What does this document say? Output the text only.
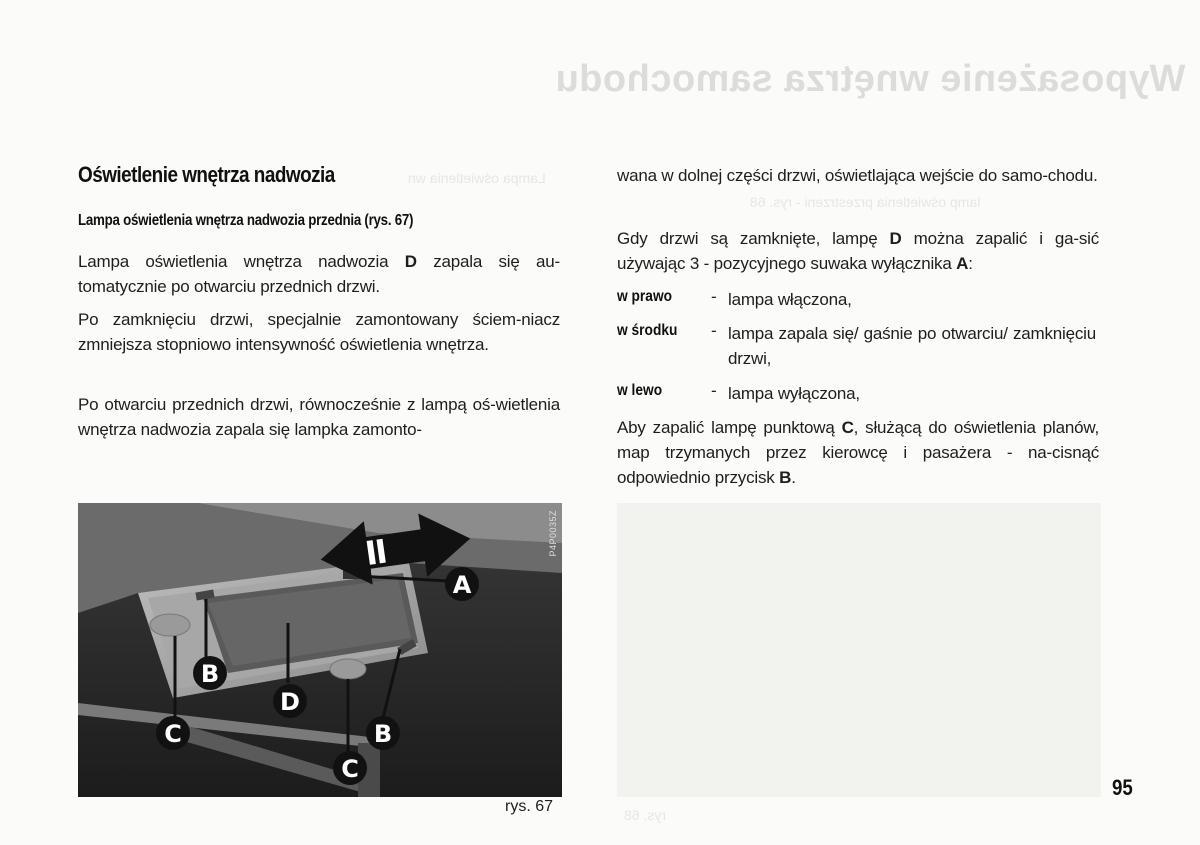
Wyposażenie wnętrza samochodu
Lampa oświetlenia wn
lamp oświetlenia przestrzeni - rys. 68
rys. 68
Oświetlenie wnętrza nadwozia
Lampa oświetlenia wnętrza nadwozia przednia (rys. 67)

Lampa oświetlenia wnętrza nadwozia D zapala się au-tomatycznie po otwarciu przednich drzwi.

Po zamknięciu drzwi, specjalnie zamontowany ściem-niacz zmniejsza stopniowo intensywność oświetlenia wnętrza.

Po otwarciu przednich drzwi, równocześnie z lampą oś-wietlenia wnętrza nadwozia zapala się lampka zamonto-

A
B
B
C
C
D
P4P0035Z
rys. 67

wana w dolnej części drzwi, oświetlająca wejście do samo-chodu.

Gdy drzwi są zamknięte, lampę D można zapalić i ga-sić używając 3 - pozycyjnego suwaka wyłącznika A:

w prawo - lampa włączona,
w środku - lampa zapala się/ gaśnie po otwarciu/ zamknięciu drzwi,
w lewo	- lampa wyłączona,

Aby zapalić lampę punktową C, służącą do oświetlenia planów, map trzymanych przez kierowcę i pasażera - na-cisnąć odpowiednio przycisk B.

95
